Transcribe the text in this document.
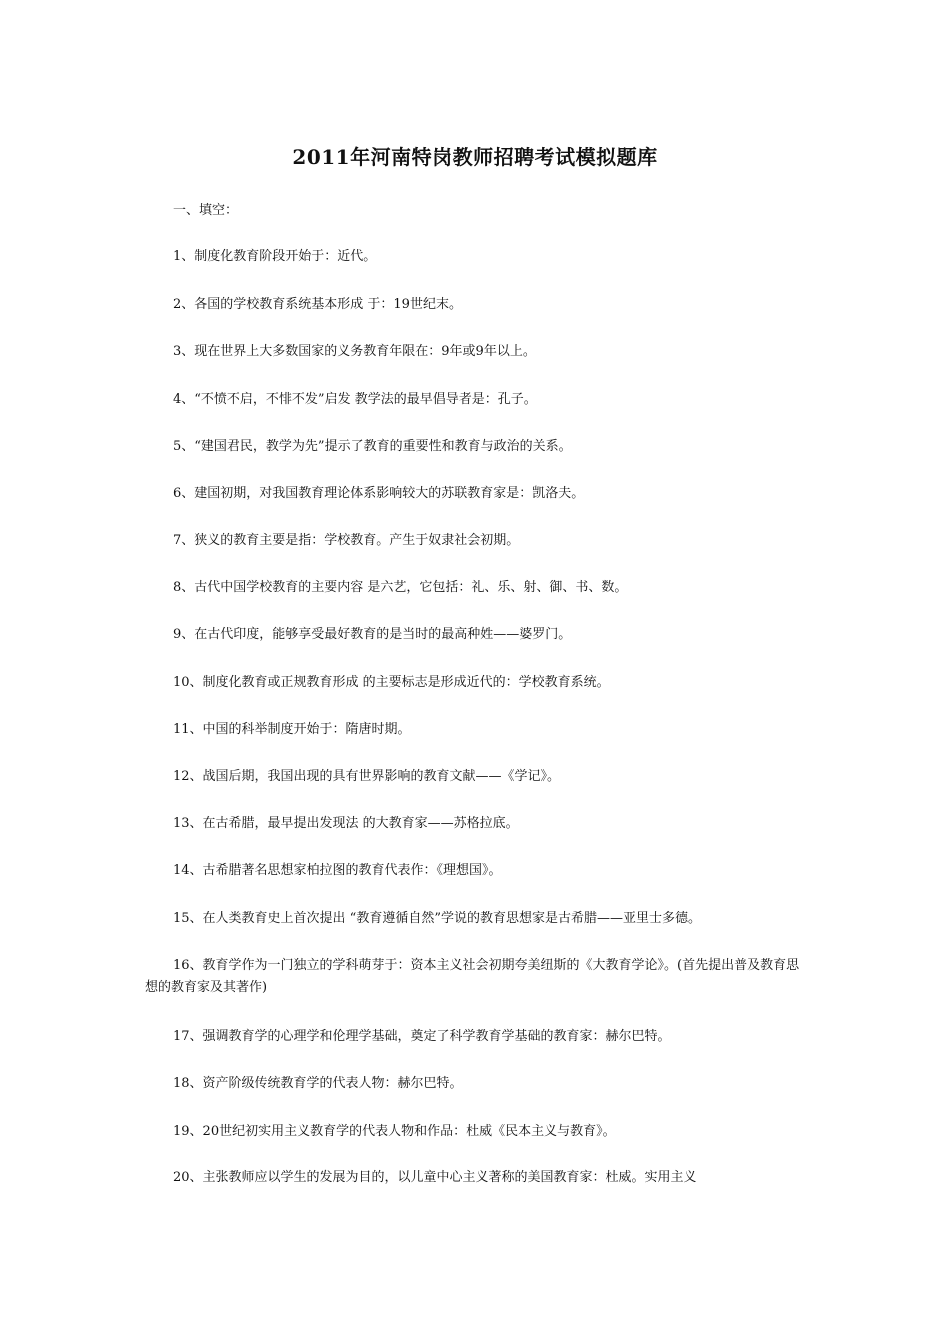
2011年河南特岗教师招聘考试模拟题库
一、填空：
1、制度化教育阶段开始于：近代。
2、各国的学校教育系统基本形成 于：19世纪末。
3、现在世界上大多数国家的义务教育年限在：9年或9年以上。
4、“不愤不启，不悱不发”启发 教学法的最早倡导者是：孔子。
5、“建国君民，教学为先”提示了教育的重要性和教育与政治的关系。
6、建国初期，对我国教育理论体系影响较大的苏联教育家是：凯洛夫。
7、狭义的教育主要是指：学校教育。产生于奴隶社会初期。
8、古代中国学校教育的主要内容 是六艺，它包括：礼、乐、射、御、书、数。
9、在古代印度，能够享受最好教育的是当时的最高种姓——婆罗门。
10、制度化教育或正规教育形成 的主要标志是形成近代的：学校教育系统。
11、中国的科举制度开始于：隋唐时期。
12、战国后期，我国出现的具有世界影响的教育文献——《学记》。
13、在古希腊，最早提出发现法 的大教育家——苏格拉底。
14、古希腊著名思想家柏拉图的教育代表作：《理想国》。
15、在人类教育史上首次提出 “教育遵循自然”学说的教育思想家是古希腊——亚里士多德。
16、教育学作为一门独立的学科萌芽于：资本主义社会初期夸美纽斯的《大教育学论》。(首先提出普及教育思想的教育家及其著作)
17、强调教育学的心理学和伦理学基础，奠定了科学教育学基础的教育家：赫尔巴特。
18、资产阶级传统教育学的代表人物：赫尔巴特。
19、20世纪初实用主义教育学的代表人物和作品：杜威《民本主义与教育》。
20、主张教师应以学生的发展为目的，以儿童中心主义著称的美国教育家：杜威。实用主义
